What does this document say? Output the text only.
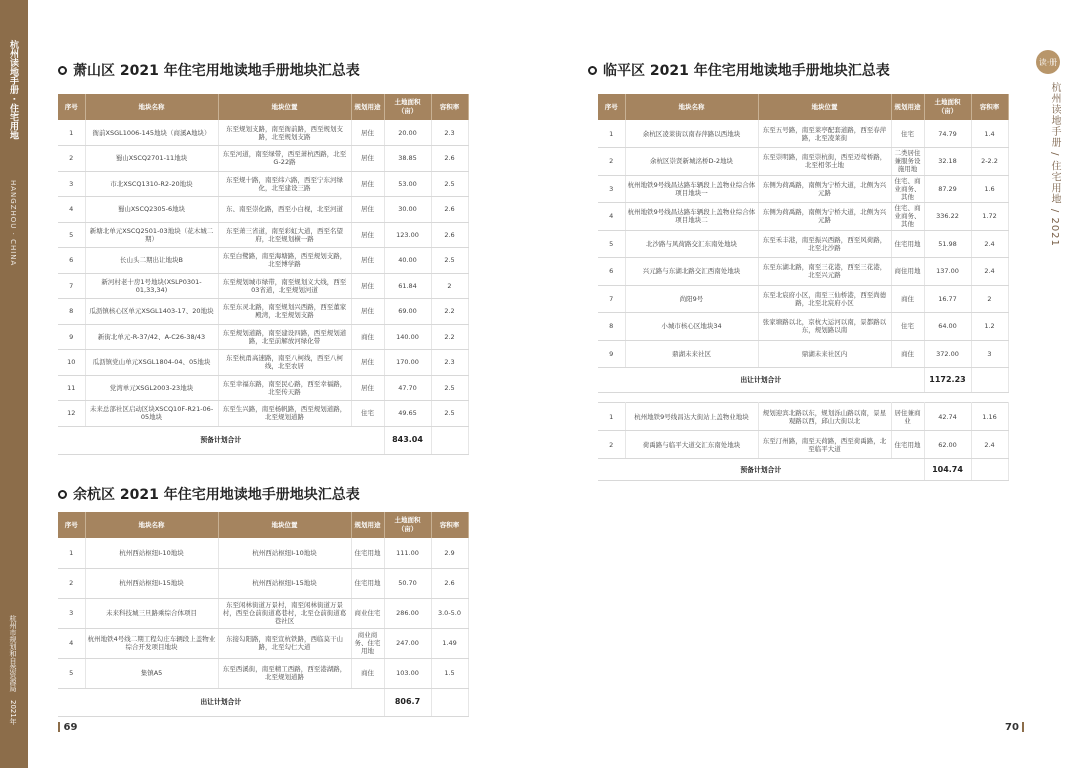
杭州读地手册 · 住宅用地
HANGZHOU · CHINA
杭州市规划和自然资源局
2021年
读·册
杭州读地手册 / 住宅用地 / 2021
萧山区 2021 年住宅用地读地手册地块汇总表
序号	地块名称	地块位置	规划用途	土地面积（亩）	容积率
1	衙前XSGL1006-145地块（商溪A地块）	东至规划支路，南至衙前路，西至规划支路，北至规划支路	居住	20.00	2.3
2	蜀山XSCQ2701-11地块	东至河道，南至绿带，西至萧杭西路，北至G-22路	居住	38.85	2.6
3	市北XSCQ1310-R2-20地块	东至规十路，南至纬六路，西至宁东河绿化，北至建设三路	居住	53.00	2.5
4	蜀山XSCQ2305-6地块	东、南至崇化路，西至小白枧，北至河道	居住	30.00	2.6
5	新塘北单元XSCQ2501-03地块（花木城二期）	东至萧三省道，南至彩虹大道，西至名望府，北至规划横一路	居住	123.00	2.6
6	长山头二期出让地块B	东至白鹭路，南至海塘路，西至规划支路，北至博学路	居住	40.00	2.5
7	新河村老十房1号地块(XSLP0301-01,33,34)	东至规划城市绿带，南至规划义大线，西至03省道，北至规划河道	居住	61.84	2
8	瓜沥镇核心区单元XSGL1403-17、20地块	东至东灵北路，南至规划兴西路，西至董家殿湾，北至规划支路	居住	69.00	2.2
9	新街北单元-R-37/42、A-C26-38/43	东至规划道路，南至建设四路，西至规划道路，北至前解放河绿化带	商住	140.00	2.2
10	瓜沥镇党山单元XSGL1804-04、05地块	东至杭甬高速路，南至八柯线，西至八柯线，北至农居	居住	170.00	2.3
11	党湾单元XSGL2003-23地块	东至幸福东路，南至民心路，西至幸福路，北至传天路	居住	47.70	2.5
12	未来总部社区启动区块XSCQ10F-R21-06-05地块	东至生兴路，南至杨帆路，西至规划道路，北至规划道路	住宅	49.65	2.5
预备计划合计				843.04	
余杭区 2021 年住宅用地读地手册地块汇总表
序号	地块名称	地块位置	规划用途	土地面积（亩）	容积率
1	杭州西站枢纽I-10地块	杭州西站枢纽I-10地块	住宅用地	111.00	2.9
2	杭州西站枢纽I-15地块	杭州西站枢纽I-15地块	住宅用地	50.70	2.6
3	未来科技城三旦路乘综合体项目	东至闲林街道万景村，南至闲林街道万景村，西至仓前街道葛巷村，北至仓前街道葛巷社区	商业住宅	286.00	3.0-5.0
4	杭州地铁4号线二期工程勾庄车辆段上盖物业综合开发项目地块	东接勾阳路，南至宣杭铁路，西临莫干山路，北至勾仁大道	商业商务、住宅用地	247.00	1.49
5	集镇A5	东至西溪街，南至精工西路，西至港湖路，北至规划道路	商住	103.00	1.5
出让计划合计				806.7	
临平区 2021 年住宅用地读地手册地块汇总表
序号	地块名称	地块位置	规划用途	土地面积（亩）	容积率
1	余杭区凌莱街以南春萍路以西地块	东至五号路，南至莱亭配套道路，西至春萍路，北至凌莱街	住宅	74.79	1.4
2	余杭区崇贤新城洺桥D-2地块	东至崇明路，南至崇杭街，西至迈莺桥路，北至相邻土地	二类居住兼服务设施用地	32.18	2-2.2
3	杭州地铁9号线昌达路车辆段上盖物业综合体项目地块一	东侧为荷禹路，南侧为宁桥大道，北侧为兴元路	住宅、商业商务、其他	87.29	1.6
4	杭州地铁9号线昌达路车辆段上盖物业综合体项目地块二	东侧为荷禹路，南侧为宁桥大道，北侧为兴元路	住宅、商业商务、其他	336.22	1.72
5	北沙路与风荷路交汇东南处地块	东至禾丰港，南至振兴西路，西至风荷路，北至北沙路	住宅用地	51.98	2.4
6	兴元路与东湖北路交汇西南处地块	东至东湖北路，南至三花港，西至三花港，北至兴元路	商住用地	137.00	2.4
7	尚阳9号	东至北宸府小区，南至三仙桥港，西至尚德路，北至北宸府小区	商住	16.77	2
8	小城市核心区地块34	张家塘路以北，京杭大运河以南，景都路以东，规划路以南	住宅	64.00	1.2
9	鼎湖未来社区	鼎湖未来社区内	商住	372.00	3
出让计划合计				1172.23	
1	杭州地铁9号线昌达大街站上盖物业地块	规划迎宾北路以东，规划泺山路以南，景星观路以西，邱山大街以北	居住兼商业	42.74	1.16
2	荷禹路与临平大道交汇东南处地块	东至汀州路，南至天荷路，西至荷禹路，北至临平大道	住宅用地	62.00	2.4
预备计划合计				104.74	
69	70
